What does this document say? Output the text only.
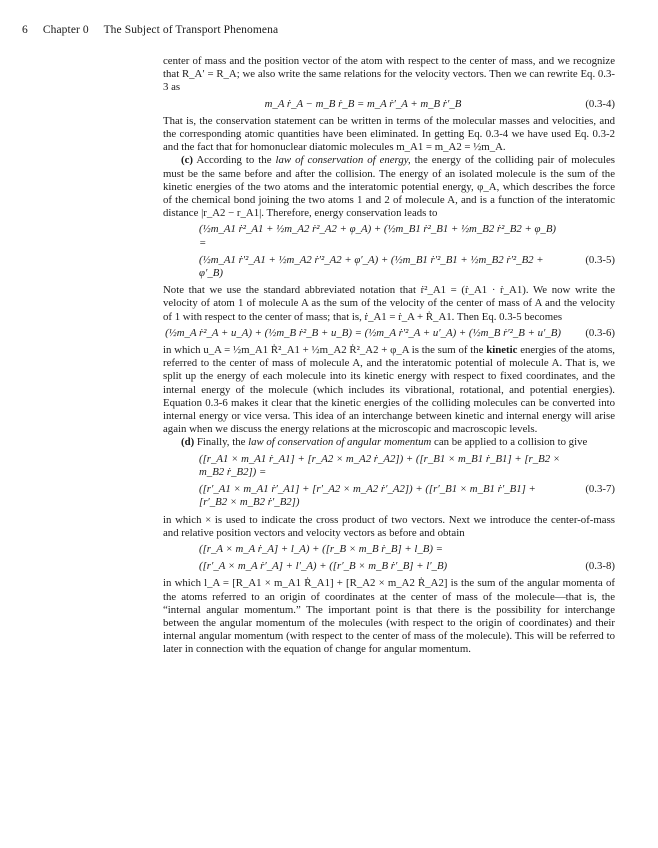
6 Chapter 0 The Subject of Transport Phenomena

center of mass and the position vector of the atom with respect to the center of mass, and we recognize that R_A′ = R_A; we also write the same relations for the velocity vectors. Then we can rewrite Eq. 0.3-3 as

m_A ṙ_A − m_B ṙ_B = m_A ṙ′_A + m_B ṙ′_B	(0.3-4)

That is, the conservation statement can be written in terms of the molecular masses and velocities, and the corresponding atomic quantities have been eliminated. In getting Eq. 0.3-4 we have used Eq. 0.3-2 and the fact that for homonuclear diatomic molecules m_A1 = m_A2 = ½m_A.

(c) According to the law of conservation of energy, the energy of the colliding pair of molecules must be the same before and after the collision. The energy of an isolated molecule is the sum of the kinetic energies of the two atoms and the interatomic potential energy, φ_A, which describes the force of the chemical bond joining the two atoms 1 and 2 of molecule A, and is a function of the interatomic distance |r_A2 − r_A1|. Therefore, energy conservation leads to

(½m_A1 ṙ²_A1 + ½m_A2 ṙ²_A2 + φ_A) + (½m_B1 ṙ²_B1 + ½m_B2 ṙ²_B2 + φ_B) =
(½m_A1 ṙ′²_A1 + ½m_A2 ṙ′²_A2 + φ′_A) + (½m_B1 ṙ′²_B1 + ½m_B2 ṙ′²_B2 + φ′_B)
(0.3-5)

Note that we use the standard abbreviated notation that ṙ²_A1 = (ṙ_A1 · ṙ_A1). We now write the velocity of atom 1 of molecule A as the sum of the velocity of the center of mass of A and the velocity of 1 with respect to the center of mass; that is, ṙ_A1 = ṙ_A + Ṙ_A1. Then Eq. 0.3-5 becomes

(½m_A ṙ²_A + u_A) + (½m_B ṙ²_B + u_B) = (½m_A ṙ′²_A + u′_A) + (½m_B ṙ′²_B + u′_B)	(0.3-6)

in which u_A = ½m_A1 Ṙ²_A1 + ½m_A2 Ṙ²_A2 + φ_A is the sum of the kinetic energies of the atoms, referred to the center of mass of molecule A, and the interatomic potential of molecule A. That is, we split up the energy of each molecule into its kinetic energy with respect to fixed coordinates, and the internal energy of the molecule (which includes its vibrational, rotational, and potential energies). Equation 0.3-6 makes it clear that the kinetic energies of the colliding molecules can be converted into internal energy or vice versa. This idea of an interchange between kinetic and internal energy will arise again when we discuss the energy relations at the microscopic and macroscopic levels.

(d) Finally, the law of conservation of angular momentum can be applied to a collision to give

([r_A1 × m_A1 ṙ_A1] + [r_A2 × m_A2 ṙ_A2]) + ([r_B1 × m_B1 ṙ_B1] + [r_B2 × m_B2 ṙ_B2]) =
([r′_A1 × m_A1 ṙ′_A1] + [r′_A2 × m_A2 ṙ′_A2]) + ([r′_B1 × m_B1 ṙ′_B1] + [r′_B2 × m_B2 ṙ′_B2])
(0.3-7)

in which × is used to indicate the cross product of two vectors. Next we introduce the center-of-mass and relative position vectors and velocity vectors as before and obtain

([r_A × m_A ṙ_A] + l_A) + ([r_B × m_B ṙ_B] + l_B) =
([r′_A × m_A ṙ′_A] + l′_A) + ([r′_B × m_B ṙ′_B] + l′_B)	(0.3-8)

in which l_A = [R_A1 × m_A1 Ṙ_A1] + [R_A2 × m_A2 Ṙ_A2] is the sum of the angular momenta of the atoms referred to an origin of coordinates at the center of mass of the molecule—that is, the “internal angular momentum.” The important point is that there is the possibility for interchange between the angular momentum of the molecules (with respect to the origin of coordinates) and their internal angular momentum (with respect to the center of mass of the molecule). This will be referred to later in connection with the equation of change for angular momentum.
